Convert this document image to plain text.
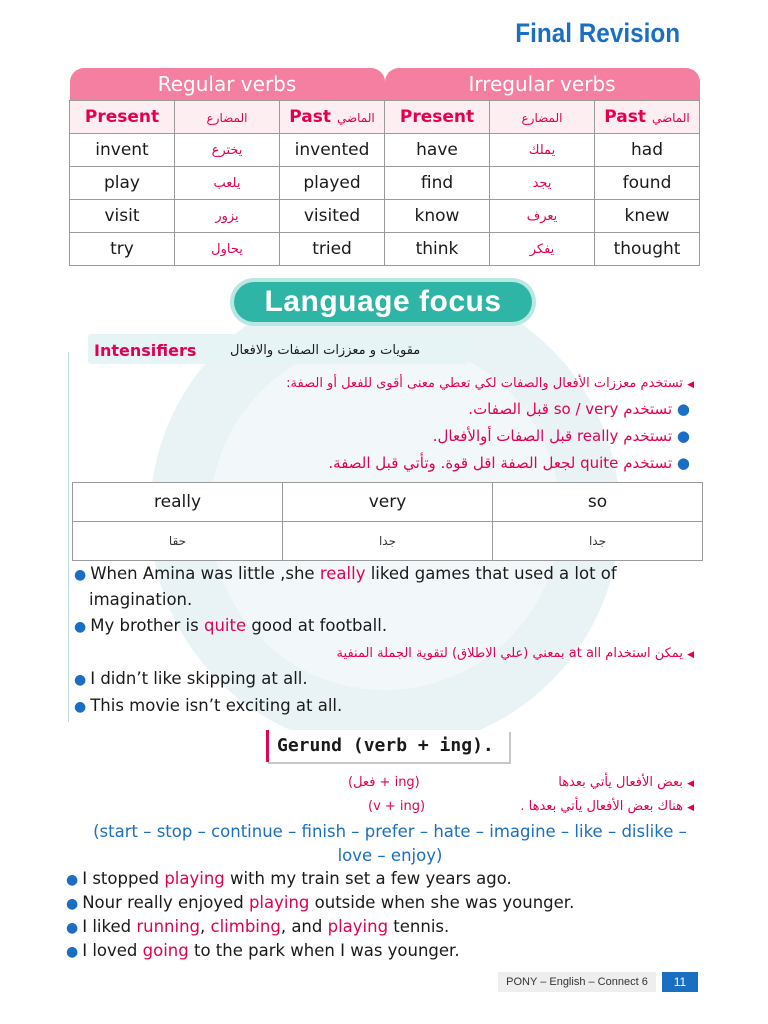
Final Revision
Regular verbs		
Present	المضارع	Past الماضي
invent	يخترع	invented
play	يلعب	played
visit	يزور	visited
try	يحاول	tried
Irregular verbs		
Present	المضارع	Past الماضي
have	يملك	had
find	يجد	found
know	يعرف	knew
think	يفكر	thought
Language focus
Intensifiers	مقويات و معززات الصفات والافعال
◀ تستخدم معززات الأفعال والصفات لكي تعطي معنى أقوى للفعل أو الصفة:
● تستخدم so / very قبل الصفات.
● تستخدم really قبل الصفات أوالأفعال.
● تستخدم quite لجعل الصفة اقل قوة. وتأتي قبل الصفة.
really	very	so
حقا	جدا	جدا
● When Amina was little ,she really liked games that used a lot of
imagination.
● My brother is quite good at football.
◀ يمكن استخدام at all بمعني (علي الاطلاق) لتقوية الجملة المنفية
● I didn’t like skipping at all.
● This movie isn’t exciting at all.
Gerund (verb + ing).
◀ بعض الأفعال يأتي بعدها
(فعل + ing)
◀ هناك بعض الأفعال يأتي بعدها .
(v + ing)
(start – stop – continue – finish – prefer – hate – imagine – like – dislike –
love – enjoy)
● I stopped playing with my train set a few years ago.
● Nour really enjoyed playing outside when she was younger.
● I liked running, climbing, and playing tennis.
● I loved going to the park when I was younger.
PONY – English – Connect 6	11
